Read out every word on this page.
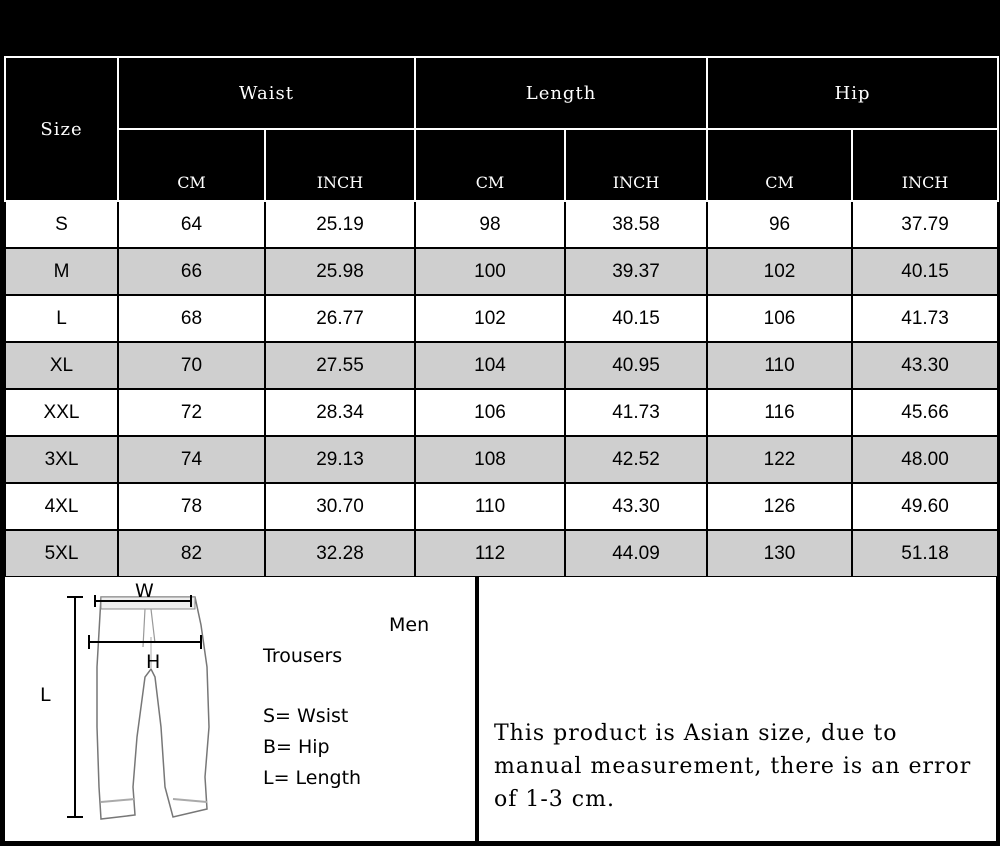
Size	Waist		Length		Hip	
	CM	INCH	CM	INCH	CM	INCH
S	64	25.19	98	38.58	96	37.79
M	66	25.98	100	39.37	102	40.15
L	68	26.77	102	40.15	106	41.73
XL	70	27.55	104	40.95	110	43.30
XXL	72	28.34	106	41.73	116	45.66
3XL	74	29.13	108	42.52	122	48.00
4XL	78	30.70	110	43.30	126	49.60
5XL	82	32.28	112	44.09	130	51.18
W
H
L
Men
Trousers
S= Wsist
B= Hip
L= Length
This product is Asian size, due to manual measurement, there is an error of 1-3 cm.
